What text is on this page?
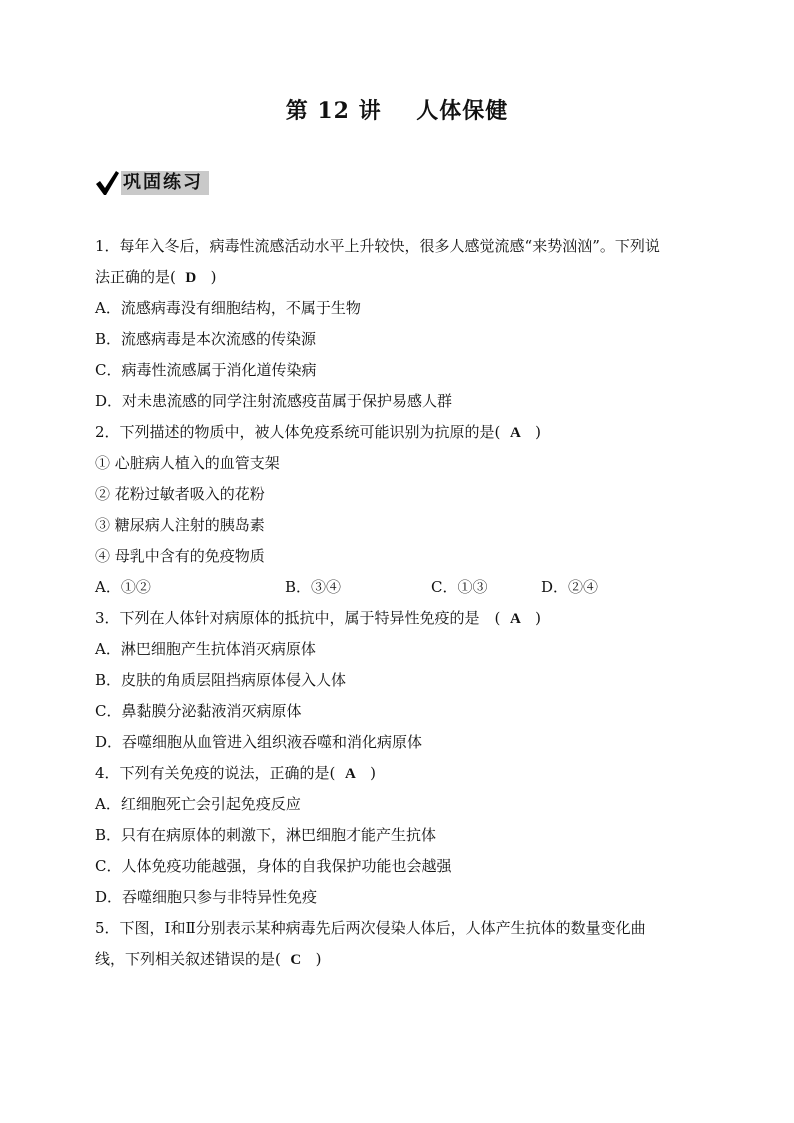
第 12 讲    人体保健
巩固练习
1．每年入冬后，病毒性流感活动水平上升较快，很多人感觉流感“来势汹汹”。下列说
法正确的是( D )
A．流感病毒没有细胞结构，不属于生物
B．流感病毒是本次流感的传染源
C．病毒性流感属于消化道传染病
D．对未患流感的同学注射流感疫苗属于保护易感人群
2．下列描述的物质中，被人体免疫系统可能识别为抗原的是( A )
① 心脏病人植入的血管支架
② 花粉过敏者吸入的花粉
③ 糖尿病人注射的胰岛素
④ 母乳中含有的免疫物质
A．①②	B．③④	C．①③	D．②④
3．下列在人体针对病原体的抵抗中，属于特异性免疫的是　( A )
A．淋巴细胞产生抗体消灭病原体
B．皮肤的角质层阻挡病原体侵入人体
C．鼻黏膜分泌黏液消灭病原体
D．吞噬细胞从血管进入组织液吞噬和消化病原体
4．下列有关免疫的说法，正确的是( A )
A．红细胞死亡会引起免疫反应
B．只有在病原体的刺激下，淋巴细胞才能产生抗体
C．人体免疫功能越强，身体的自我保护功能也会越强
D．吞噬细胞只参与非特异性免疫
5．下图，Ⅰ和Ⅱ分别表示某种病毒先后两次侵染人体后，人体产生抗体的数量变化曲
线，下列相关叙述错误的是( C )
